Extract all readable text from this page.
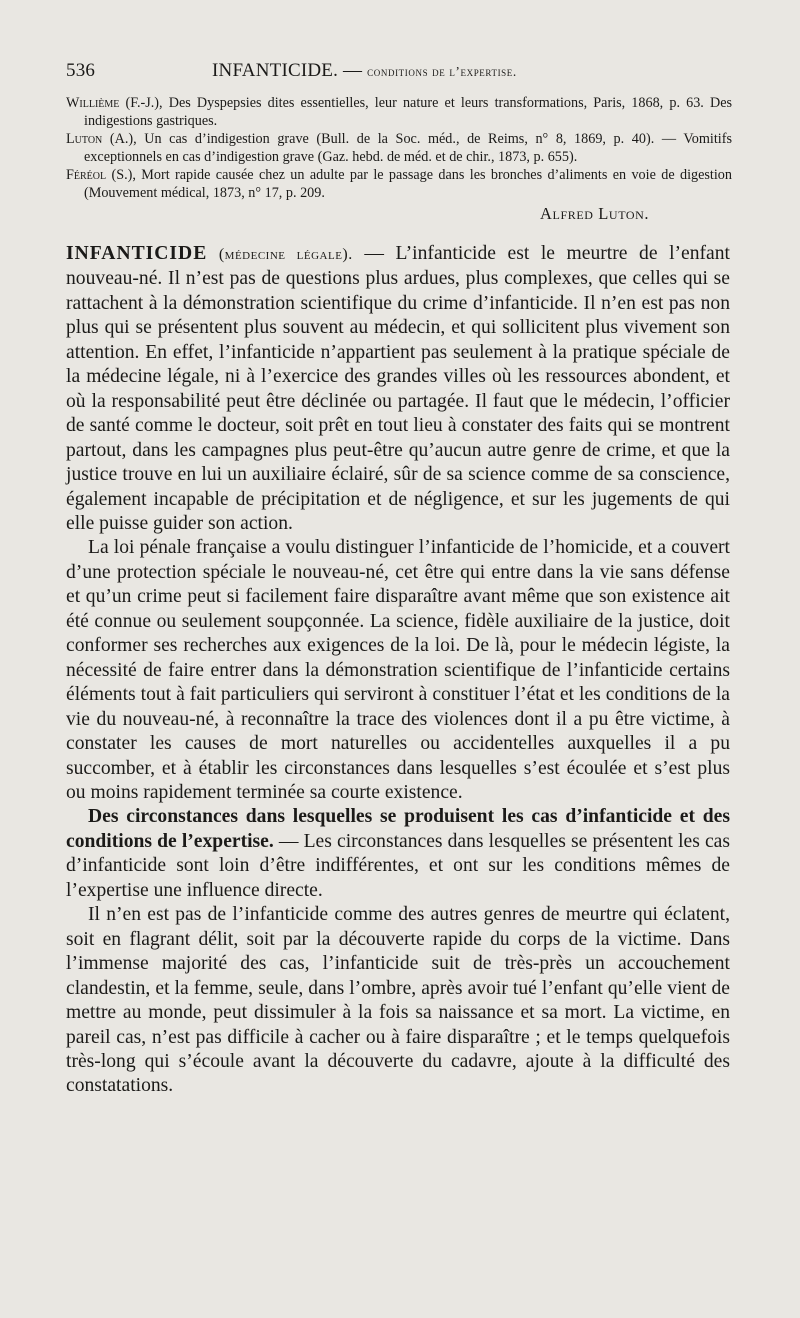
536	INFANTICIDE. — conditions de l’expertise.

Willième (F.-J.), Des Dyspepsies dites essentielles, leur nature et leurs transformations, Paris, 1868, p. 63. Des indigestions gastriques.

Luton (A.), Un cas d’indigestion grave (Bull. de la Soc. méd., de Reims, n° 8, 1869, p. 40). — Vomitifs exceptionnels en cas d’indigestion grave (Gaz. hebd. de méd. et de chir., 1873, p. 655).

Féréol (S.), Mort rapide causée chez un adulte par le passage dans les bronches d’aliments en voie de digestion (Mouvement médical, 1873, n° 17, p. 209.

Alfred Luton.

INFANTICIDE (médecine légale). — L’infanticide est le meurtre de l’enfant nouveau-né. Il n’est pas de questions plus ardues, plus complexes, que celles qui se rattachent à la démonstration scientifique du crime d’infanticide. Il n’en est pas non plus qui se présentent plus souvent au médecin, et qui sollicitent plus vivement son attention. En effet, l’infanticide n’appartient pas seulement à la pratique spéciale de la médecine légale, ni à l’exercice des grandes villes où les ressources abondent, et où la responsabilité peut être déclinée ou partagée. Il faut que le médecin, l’officier de santé comme le docteur, soit prêt en tout lieu à constater des faits qui se montrent partout, dans les campagnes plus peut-être qu’aucun autre genre de crime, et que la justice trouve en lui un auxiliaire éclairé, sûr de sa science comme de sa conscience, également incapable de précipitation et de négligence, et sur les jugements de qui elle puisse guider son action.

La loi pénale française a voulu distinguer l’infanticide de l’homicide, et a couvert d’une protection spéciale le nouveau-né, cet être qui entre dans la vie sans défense et qu’un crime peut si facilement faire disparaître avant même que son existence ait été connue ou seulement soupçonnée. La science, fidèle auxiliaire de la justice, doit conformer ses recherches aux exigences de la loi. De là, pour le médecin légiste, la nécessité de faire entrer dans la démonstration scientifique de l’infanticide certains éléments tout à fait particuliers qui serviront à constituer l’état et les conditions de la vie du nouveau-né, à reconnaître la trace des violences dont il a pu être victime, à constater les causes de mort naturelles ou accidentelles auxquelles il a pu succomber, et à établir les circonstances dans lesquelles s’est écoulée et s’est plus ou moins rapidement terminée sa courte existence.

Des circonstances dans lesquelles se produisent les cas d’infanticide et des conditions de l’expertise. — Les circonstances dans lesquelles se présentent les cas d’infanticide sont loin d’être indifférentes, et ont sur les conditions mêmes de l’expertise une influence directe.

Il n’en est pas de l’infanticide comme des autres genres de meurtre qui éclatent, soit en flagrant délit, soit par la découverte rapide du corps de la victime. Dans l’immense majorité des cas, l’infanticide suit de très-près un accouchement clandestin, et la femme, seule, dans l’ombre, après avoir tué l’enfant qu’elle vient de mettre au monde, peut dissimuler à la fois sa naissance et sa mort. La victime, en pareil cas, n’est pas difficile à cacher ou à faire disparaître ; et le temps quelquefois très-long qui s’écoule avant la découverte du cadavre, ajoute à la difficulté des constatations.
